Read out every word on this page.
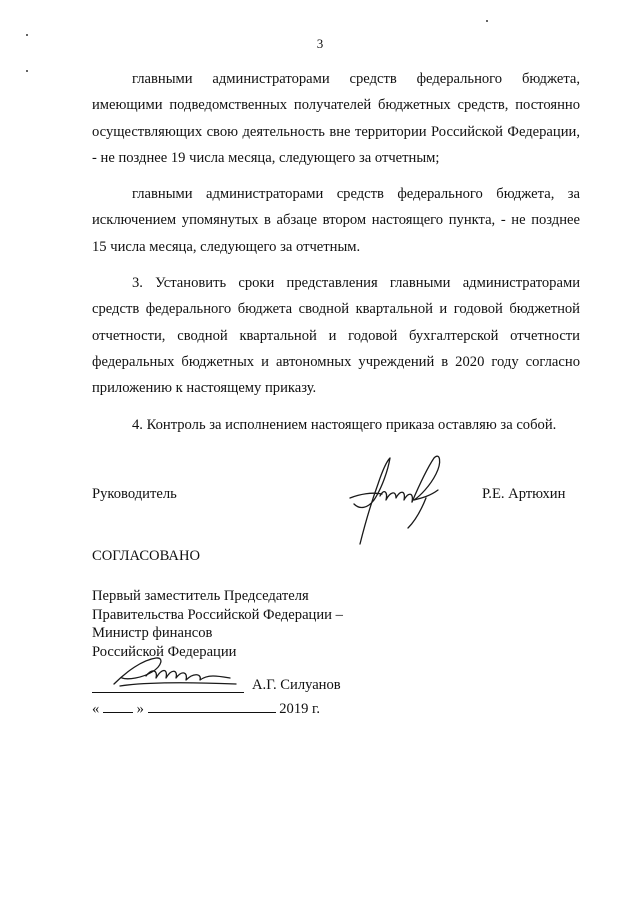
3

главными администраторами средств федерального бюджета, имеющими подведомственных получателей бюджетных средств, постоянно осуществляющих свою деятельность вне территории Российской Федерации, - не позднее 19 числа месяца, следующего за отчетным;

главными администраторами средств федерального бюджета, за исключением упомянутых в абзаце втором настоящего пункта, - не позднее 15 числа месяца, следующего за отчетным.

3. Установить сроки представления главными администраторами средств федерального бюджета сводной квартальной и годовой бюджетной отчетности, сводной квартальной и годовой бухгалтерской отчетности федеральных бюджетных и автономных учреждений в 2020 году согласно приложению к настоящему приказу.

4. Контроль за исполнением настоящего приказа оставляю за собой.

Руководитель	Р.Е. Артюхин
СОГЛАСОВАНО
Первый заместитель Председателя
Правительства Российской Федерации –
Министр финансов
Российской Федерации
А.Г. Силуанов
«	»	2019 г.
